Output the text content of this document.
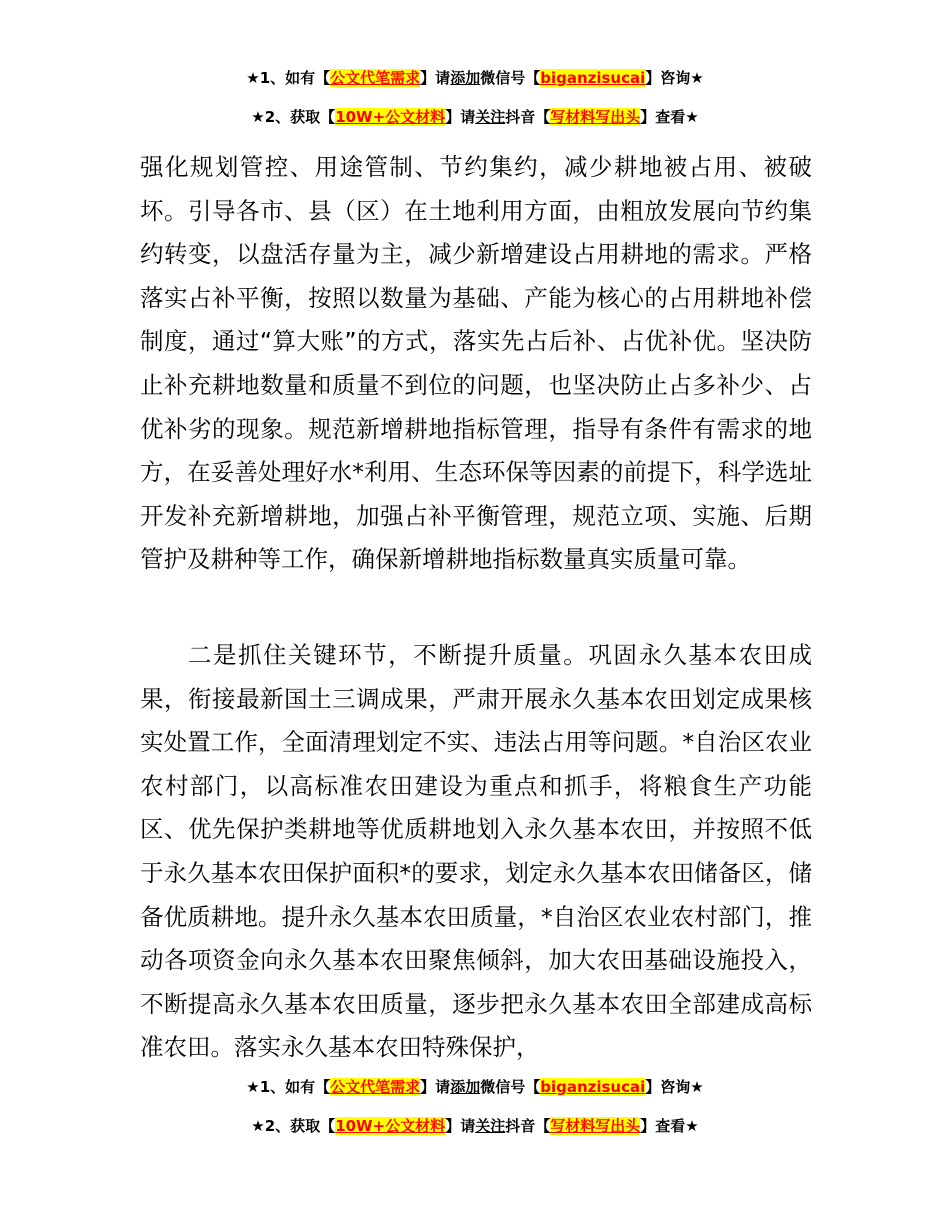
★1、如有【公文代笔需求】请添加微信号【biganzisucai】咨询★
★2、获取【10W+公文材料】请关注抖音【写材料写出头】查看★

强化规划管控、用途管制、节约集约，减少耕地被占用、被破坏。引导各市、县（区）在土地利用方面，由粗放发展向节约集约转变，以盘活存量为主，减少新增建设占用耕地的需求。严格落实占补平衡，按照以数量为基础、产能为核心的占用耕地补偿制度，通过“算大账”的方式，落实先占后补、占优补优。坚决防止补充耕地数量和质量不到位的问题，也坚决防止占多补少、占优补劣的现象。规范新增耕地指标管理，指导有条件有需求的地方，在妥善处理好水*利用、生态环保等因素的前提下，科学选址开发补充新增耕地，加强占补平衡管理，规范立项、实施、后期管护及耕种等工作，确保新增耕地指标数量真实质量可靠。

二是抓住关键环节，不断提升质量。巩固永久基本农田成果，衔接最新国土三调成果，严肃开展永久基本农田划定成果核实处置工作，全面清理划定不实、违法占用等问题。*自治区农业农村部门，以高标准农田建设为重点和抓手，将粮食生产功能区、优先保护类耕地等优质耕地划入永久基本农田，并按照不低于永久基本农田保护面积*的要求，划定永久基本农田储备区，储备优质耕地。提升永久基本农田质量，*自治区农业农村部门，推动各项资金向永久基本农田聚焦倾斜，加大农田基础设施投入，不断提高永久基本农田质量，逐步把永久基本农田全部建成高标准农田。落实永久基本农田特殊保护，

★1、如有【公文代笔需求】请添加微信号【biganzisucai】咨询★
★2、获取【10W+公文材料】请关注抖音【写材料写出头】查看★
